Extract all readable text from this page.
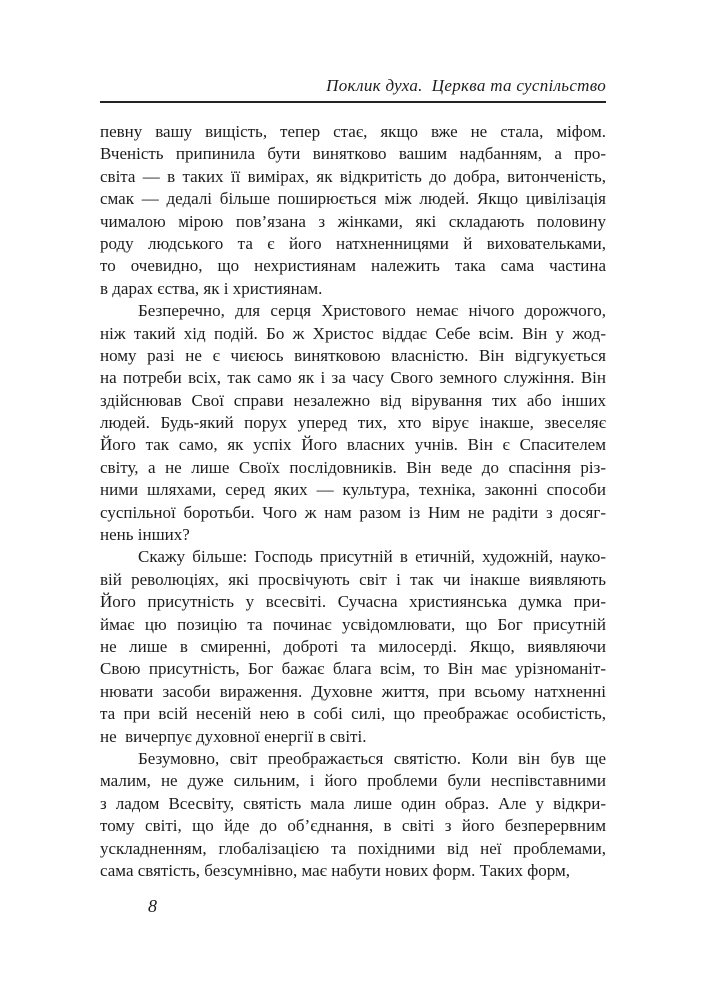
Поклик духа.  Церква та суспільство
певну вашу вищість, тепер стає, якщо вже не стала, міфом.
Вченість припинила бути винятково вашим надбанням, а про-
світа — в таких її вимірах, як відкритість до добра, витонченість,
смак — дедалі більше поширюється між людей. Якщо цивілізація
чималою мірою пов’язана з жінками, які складають половину
роду людського та є його натхненницями й виховательками,
то очевидно, що нехристиянам належить така сама частина
в дарах єства, як і християнам.
Безперечно, для серця Христового немає нічого дорожчого,
ніж такий хід подій. Бо ж Христос віддає Себе всім. Він у жод-
ному разі не є чиєюсь винятковою власністю. Він відгукується
на потреби всіх, так само як і за часу Свого земного служіння. Він
здійснював Свої справи незалежно від вірування тих або інших
людей. Будь-який порух уперед тих, хто вірує інакше, звеселяє
Його так само, як успіх Його власних учнів. Він є Спасителем
світу, а не лише Своїх послідовників. Він веде до спасіння різ-
ними шляхами, серед яких — культура, техніка, законні способи
суспільної боротьби. Чого ж нам разом із Ним не радіти з досяг-
нень інших?
Скажу більше: Господь присутній в етичній, художній, науко-
вій революціях, які просвічують світ і так чи інакше виявляють
Його присутність у всесвіті. Сучасна християнська думка при-
ймає цю позицію та починає усвідомлювати, що Бог присутній
не лише в смиренні, доброті та милосерді. Якщо, виявляючи
Свою присутність, Бог бажає блага всім, то Він має урізноманіт-
нювати засоби вираження. Духовне життя, при всьому натхненні
та при всій несеній нею в собі силі, що преображає особистість,
не  вичерпує духовної енергії в світі.
Безумовно, світ преображається святістю. Коли він був ще
малим, не дуже сильним, і його проблеми були неспівставними
з ладом Всесвіту, святість мала лише один образ. Але у відкри-
тому світі, що йде до об’єднання, в світі з його безперервним
ускладненням, глобалізацією та похідними від неї проблемами,
сама святість, безсумнівно, має набути нових форм. Таких форм,
8
